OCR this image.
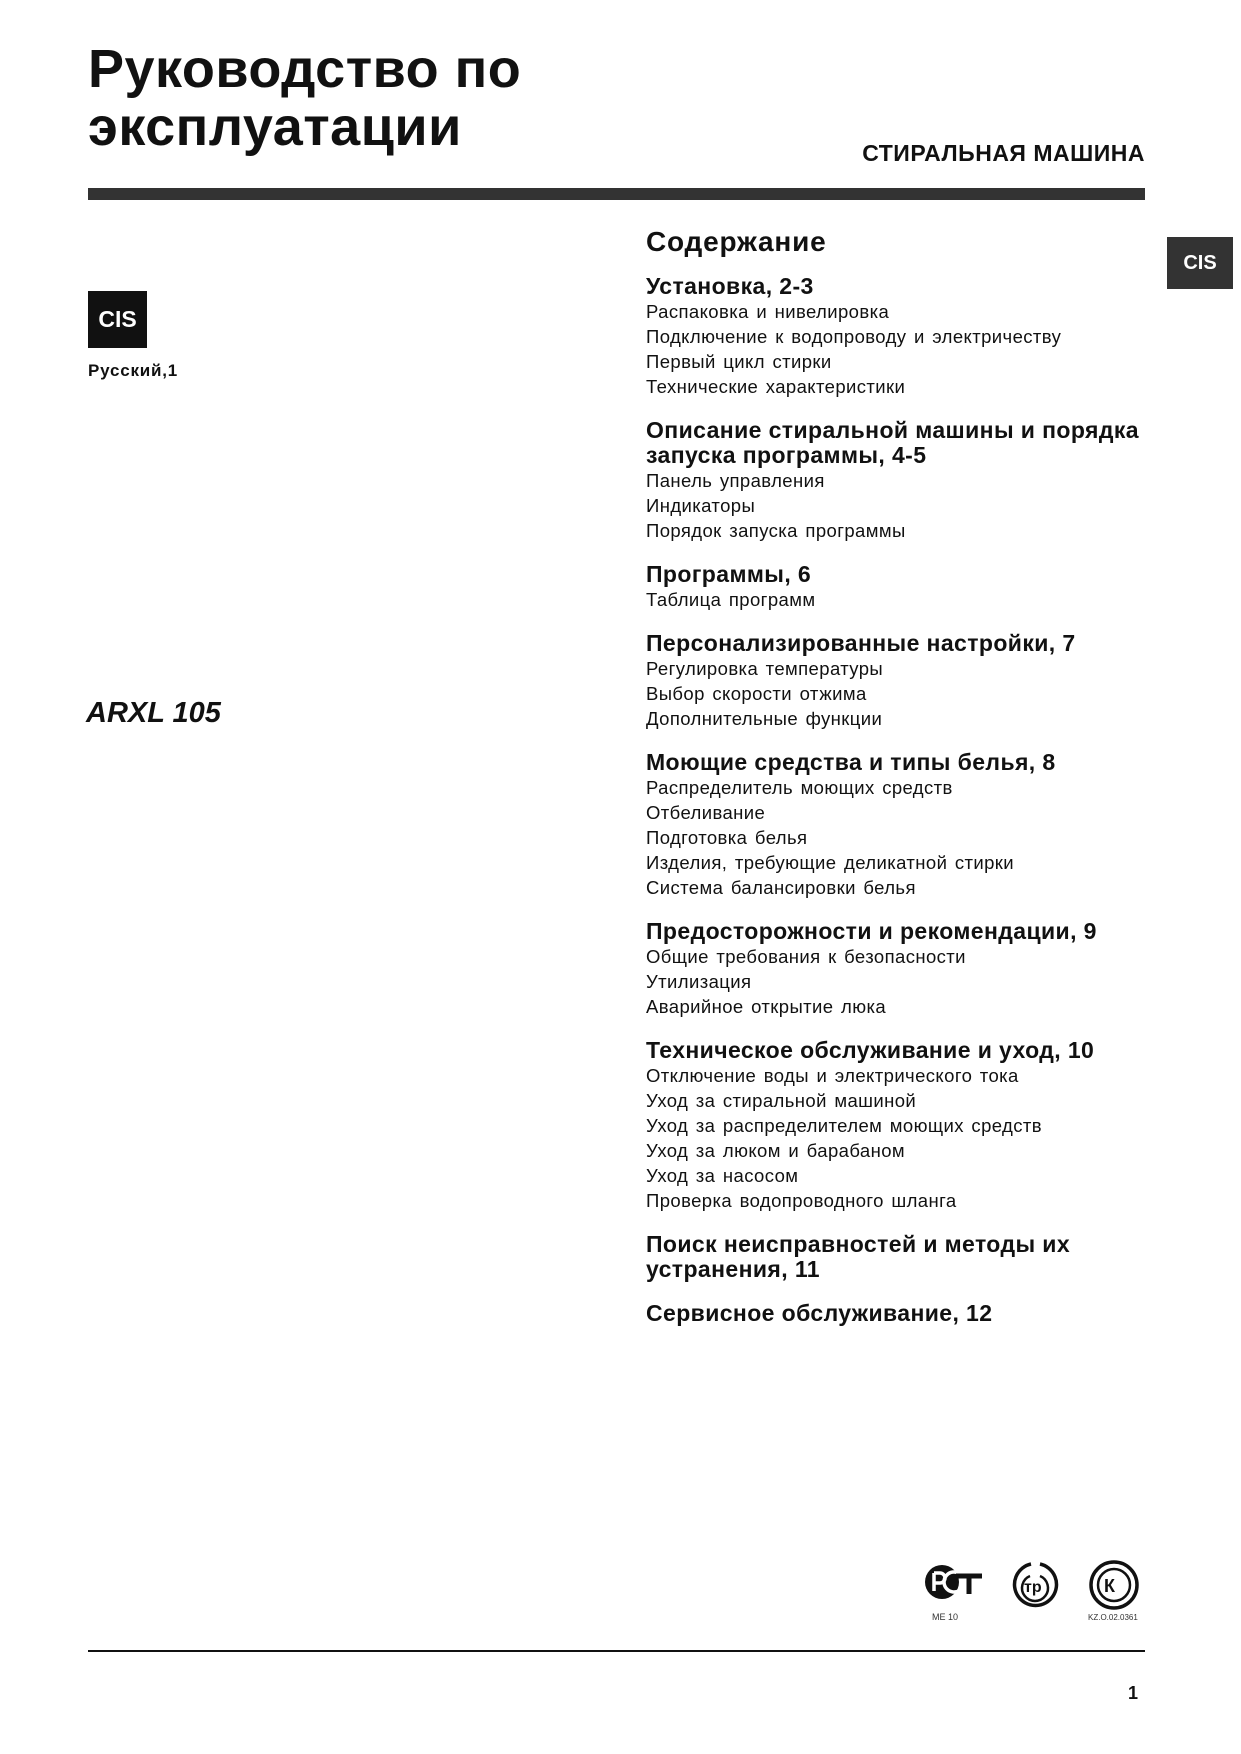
Руководство по
эксплуатации	СТИРАЛЬНАЯ МАШИНА
CIS
CIS
Русский,1
ARXL 105
Содержание
Установка, 2-3
Распаковка и нивелировка
Подключение к водопроводу и электричеству
Первый цикл стирки
Технические характеристики
Описание стиральной машины и порядка запуска программы, 4-5
Панель управления
Индикаторы
Порядок запуска программы
Программы, 6
Таблица программ
Персонализированные настройки, 7
Регулировка температуры
Выбор скорости отжима
Дополнительные функции
Моющие средства и типы белья, 8
Распределитель моющих средств
Отбеливание
Подготовка белья
Изделия, требующие деликатной стирки
Система балансировки белья
Предосторожности и рекомендации, 9
Общие требования к безопасности
Утилизация
Аварийное открытие люка
Техническое обслуживание и уход, 10
Отключение воды и электрического тока
Уход за стиральной машиной
Уход за распределителем моющих средств
Уход за люком и барабаном
Уход за насосом
Проверка водопроводного шланга
Поиск неисправностей и методы их устранения, 11
Сервисное обслуживание, 12
ME 10
тр	К
KZ.O.02.0361
1
